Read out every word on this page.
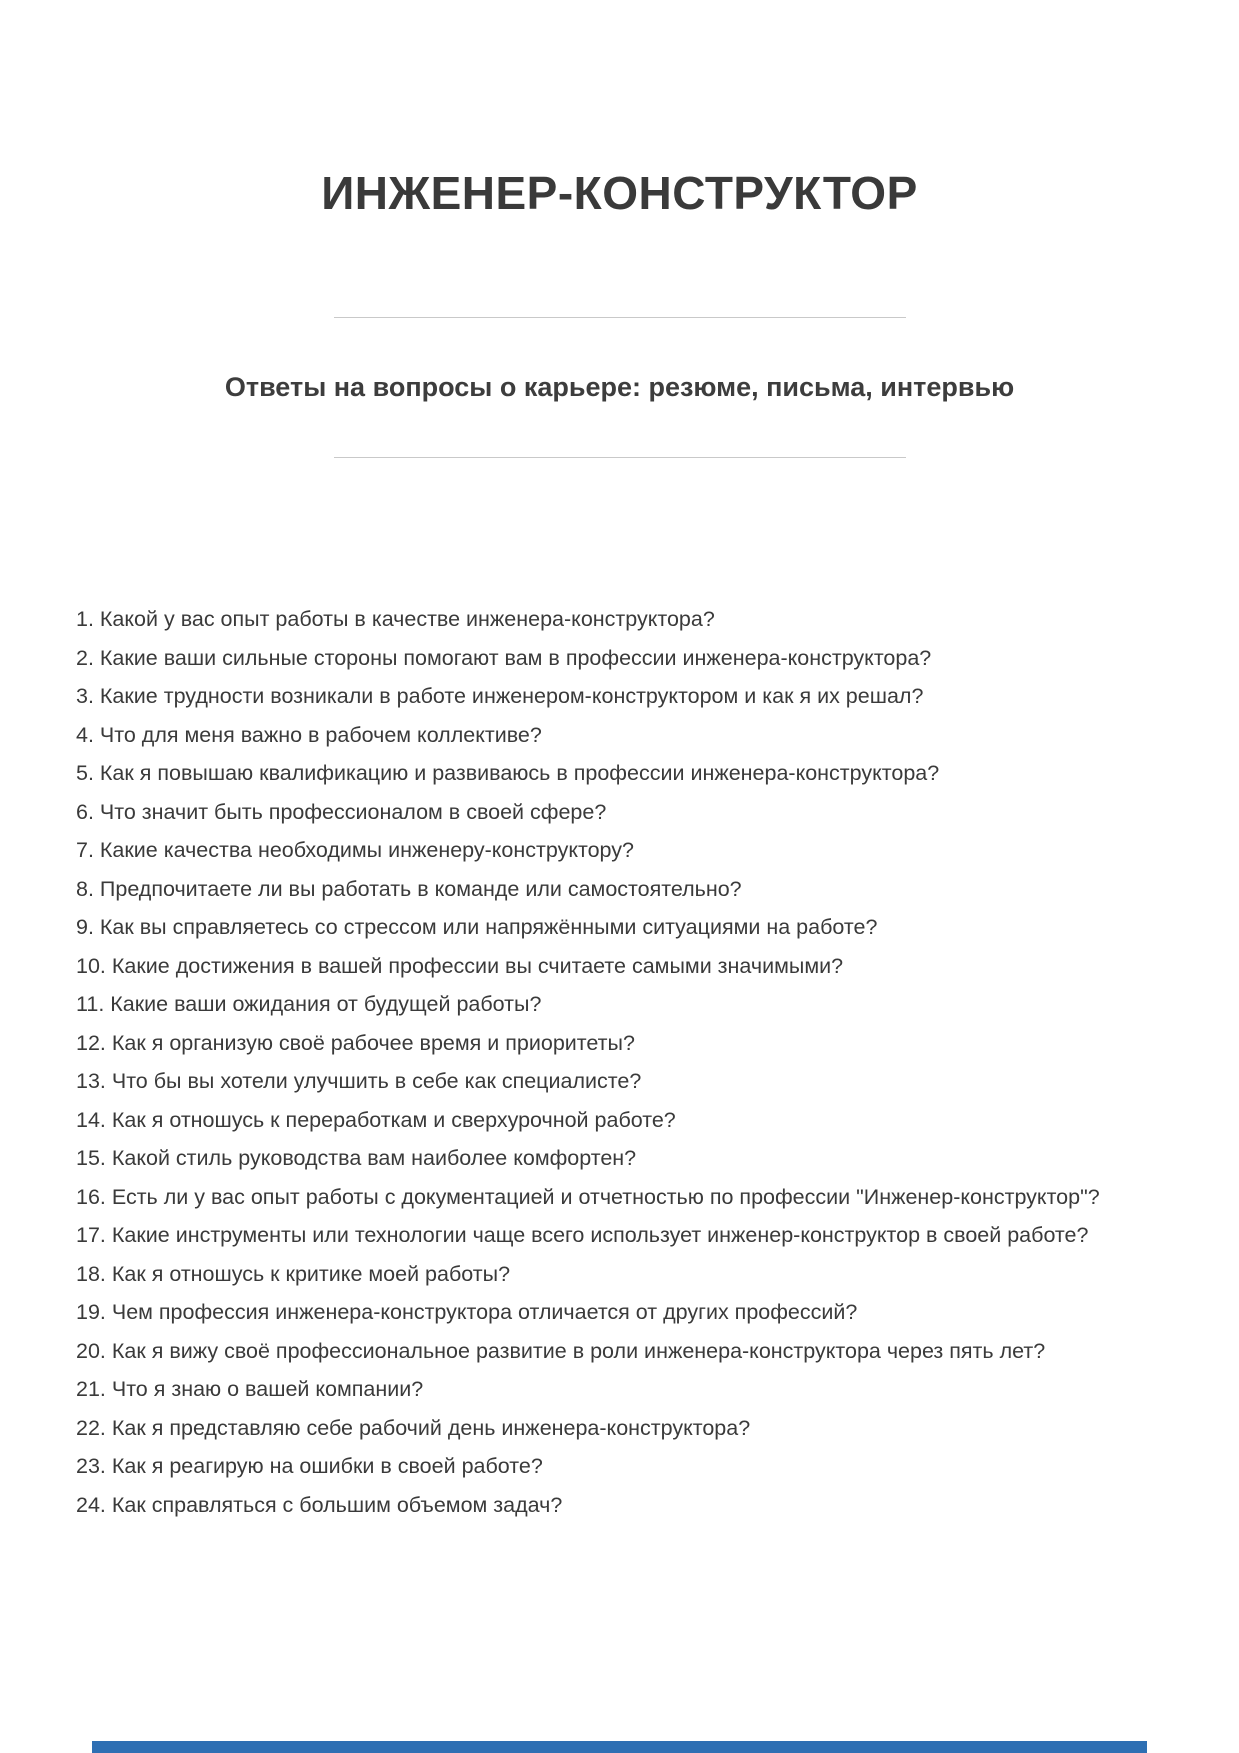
ИНЖЕНЕР-КОНСТРУКТОР
Ответы на вопросы о карьере: резюме, письма, интервью
1. Какой у вас опыт работы в качестве инженера-конструктора?
2. Какие ваши сильные стороны помогают вам в профессии инженера-конструктора?
3. Какие трудности возникали в работе инженером-конструктором и как я их решал?
4. Что для меня важно в рабочем коллективе?
5. Как я повышаю квалификацию и развиваюсь в профессии инженера-конструктора?
6. Что значит быть профессионалом в своей сфере?
7. Какие качества необходимы инженеру-конструктору?
8. Предпочитаете ли вы работать в команде или самостоятельно?
9. Как вы справляетесь со стрессом или напряжёнными ситуациями на работе?
10. Какие достижения в вашей профессии вы считаете самыми значимыми?
11. Какие ваши ожидания от будущей работы?
12. Как я организую своё рабочее время и приоритеты?
13. Что бы вы хотели улучшить в себе как специалисте?
14. Как я отношусь к переработкам и сверхурочной работе?
15. Какой стиль руководства вам наиболее комфортен?
16. Есть ли у вас опыт работы с документацией и отчетностью по профессии "Инженер-конструктор"?
17. Какие инструменты или технологии чаще всего использует инженер-конструктор в своей работе?
18. Как я отношусь к критике моей работы?
19. Чем профессия инженера-конструктора отличается от других профессий?
20. Как я вижу своё профессиональное развитие в роли инженера-конструктора через пять лет?
21. Что я знаю о вашей компании?
22. Как я представляю себе рабочий день инженера-конструктора?
23. Как я реагирую на ошибки в своей работе?
24. Как справляться с большим объемом задач?
